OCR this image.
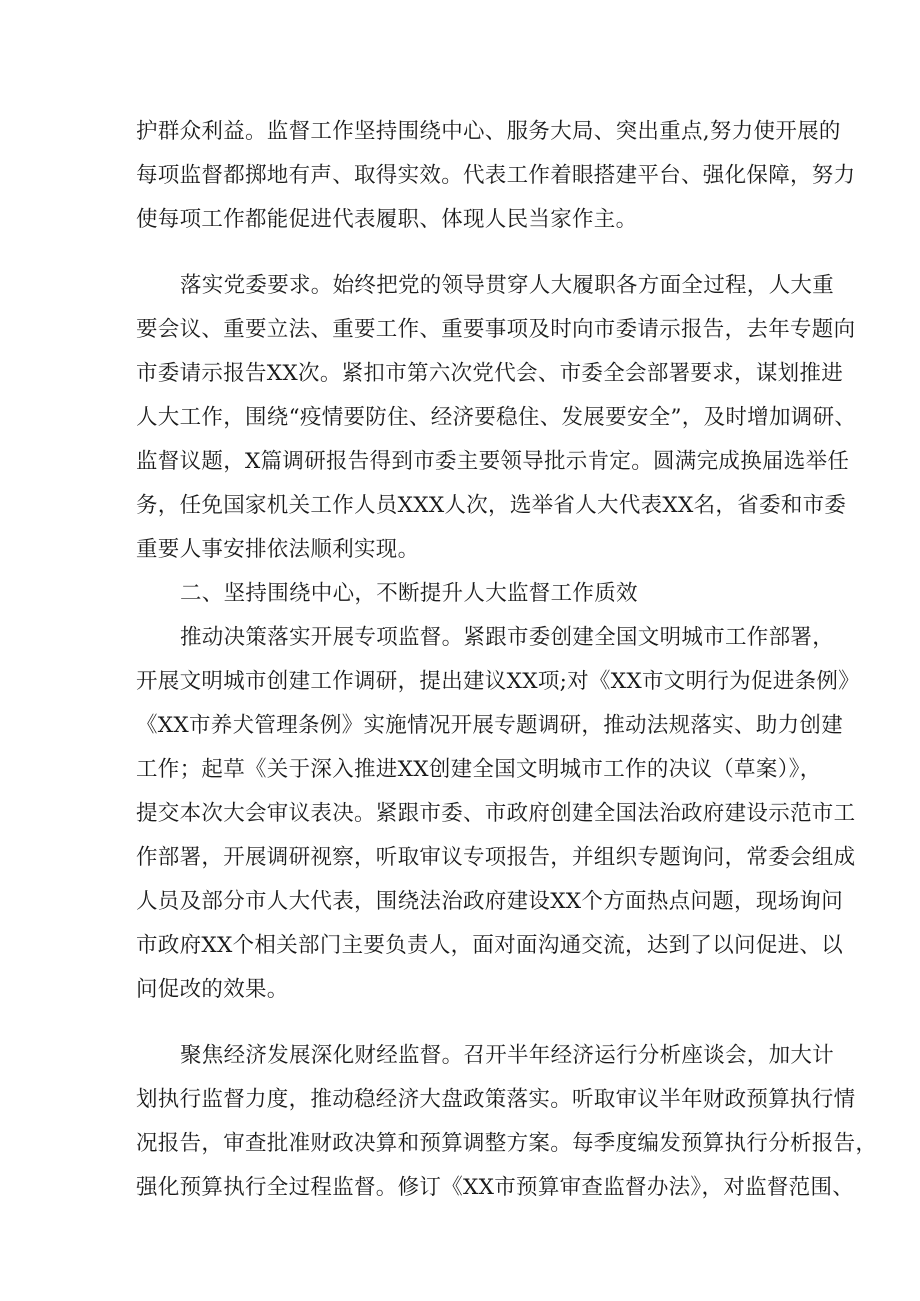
护群众利益。监督工作坚持围绕中心、服务大局、突出重点,努力使开展的
每项监督都掷地有声、取得实效。代表工作着眼搭建平台、强化保障，努力
使每项工作都能促进代表履职、体现人民当家作主。
落实党委要求。始终把党的领导贯穿人大履职各方面全过程，人大重
要会议、重要立法、重要工作、重要事项及时向市委请示报告，去年专题向
市委请示报告XX次。紧扣市第六次党代会、市委全会部署要求，谋划推进
人大工作，围绕“疫情要防住、经济要稳住、发展要安全”，及时增加调研、
监督议题，X篇调研报告得到市委主要领导批示肯定。圆满完成换届选举任
务，任免国家机关工作人员XXX人次，选举省人大代表XX名，省委和市委
重要人事安排依法顺利实现。
二、坚持围绕中心，不断提升人大监督工作质效
推动决策落实开展专项监督。紧跟市委创建全国文明城市工作部署，
开展文明城市创建工作调研，提出建议XX项;对《XX市文明行为促进条例》
《XX市养犬管理条例》实施情况开展专题调研，推动法规落实、助力创建
工作；起草《关于深入推进XX创建全国文明城市工作的决议（草案）》，
提交本次大会审议表决。紧跟市委、市政府创建全国法治政府建设示范市工
作部署，开展调研视察，听取审议专项报告，并组织专题询问，常委会组成
人员及部分市人大代表，围绕法治政府建设XX个方面热点问题，现场询问
市政府XX个相关部门主要负责人，面对面沟通交流，达到了以问促进、以
问促改的效果。
聚焦经济发展深化财经监督。召开半年经济运行分析座谈会，加大计
划执行监督力度，推动稳经济大盘政策落实。听取审议半年财政预算执行情
况报告，审查批准财政决算和预算调整方案。每季度编发预算执行分析报告，
强化预算执行全过程监督。修订《XX市预算审查监督办法》，对监督范围、
